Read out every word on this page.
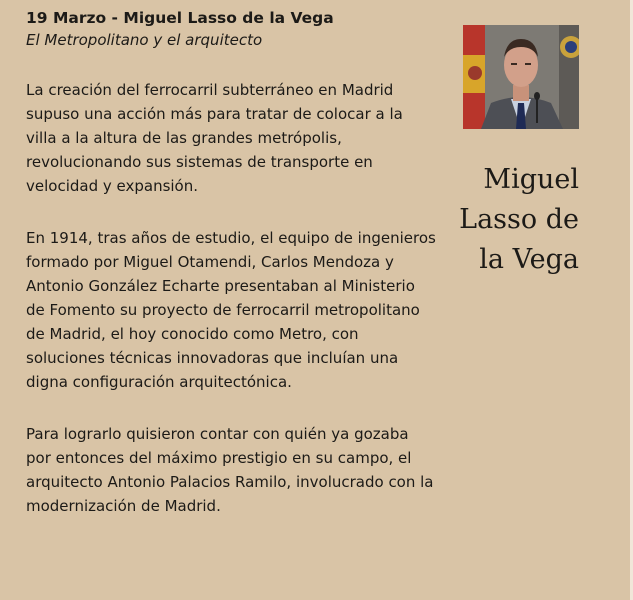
19 Marzo - Miguel Lasso de la Vega

El Metropolitano y el arquitecto

La creación del ferrocarril subterráneo en Madrid supuso una acción más para tratar de colocar a la villa a la altura de las grandes metrópolis, revolucionando sus sistemas de transporte en velocidad y expansión.

En 1914, tras años de estudio, el equipo de ingenieros formado por Miguel Otamendi, Carlos Mendoza y Antonio González Echarte presentaban al Ministerio de Fomento su proyecto de ferrocarril metropolitano de Madrid, el hoy conocido como Metro, con soluciones técnicas innovadoras que incluían una digna configuración arquitectónica.

Para lograrlo quisieron contar con quién ya gozaba por entonces del máximo prestigio en su campo, el arquitecto Antonio Palacios Ramilo, involucrado con la modernización de Madrid.

Miguel
Lasso de
la Vega
